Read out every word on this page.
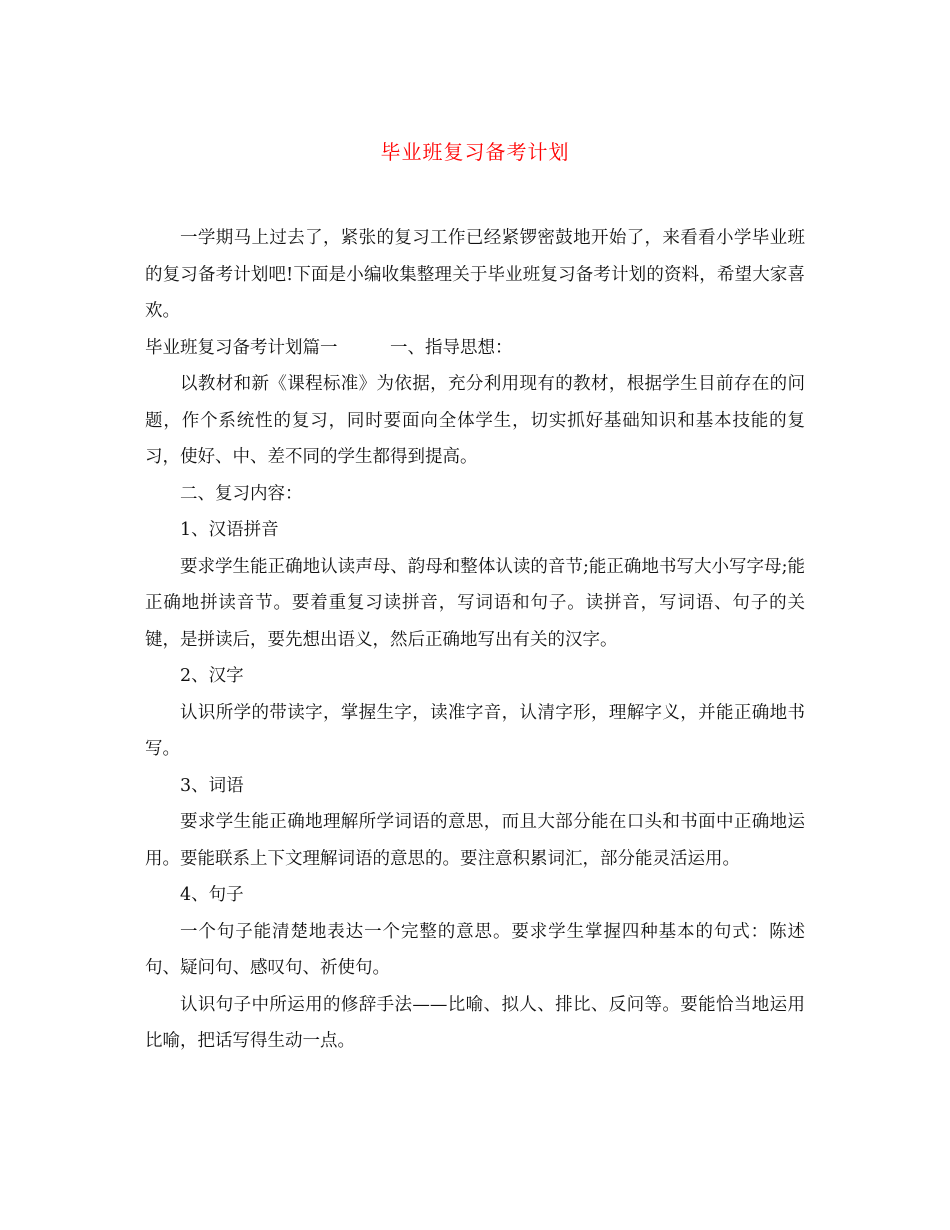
毕业班复习备考计划

一学期马上过去了，紧张的复习工作已经紧锣密鼓地开始了，来看看小学毕业班的复习备考计划吧!下面是小编收集整理关于毕业班复习备考计划的资料，希望大家喜欢。

毕业班复习备考计划篇一　　　一、指导思想：

以教材和新《课程标准》为依据，充分利用现有的教材，根据学生目前存在的问题，作个系统性的复习，同时要面向全体学生，切实抓好基础知识和基本技能的复习，使好、中、差不同的学生都得到提高。

二、复习内容：

1、汉语拼音

要求学生能正确地认读声母、韵母和整体认读的音节;能正确地书写大小写字母;能正确地拼读音节。要着重复习读拼音，写词语和句子。读拼音，写词语、句子的关键，是拼读后，要先想出语义，然后正确地写出有关的汉字。

2、汉字

认识所学的带读字，掌握生字，读准字音，认清字形，理解字义，并能正确地书写。

3、词语

要求学生能正确地理解所学词语的意思，而且大部分能在口头和书面中正确地运用。要能联系上下文理解词语的意思的。要注意积累词汇，部分能灵活运用。

4、句子

一个句子能清楚地表达一个完整的意思。要求学生掌握四种基本的句式：陈述句、疑问句、感叹句、祈使句。

认识句子中所运用的修辞手法——比喻、拟人、排比、反问等。要能恰当地运用比喻，把话写得生动一点。
